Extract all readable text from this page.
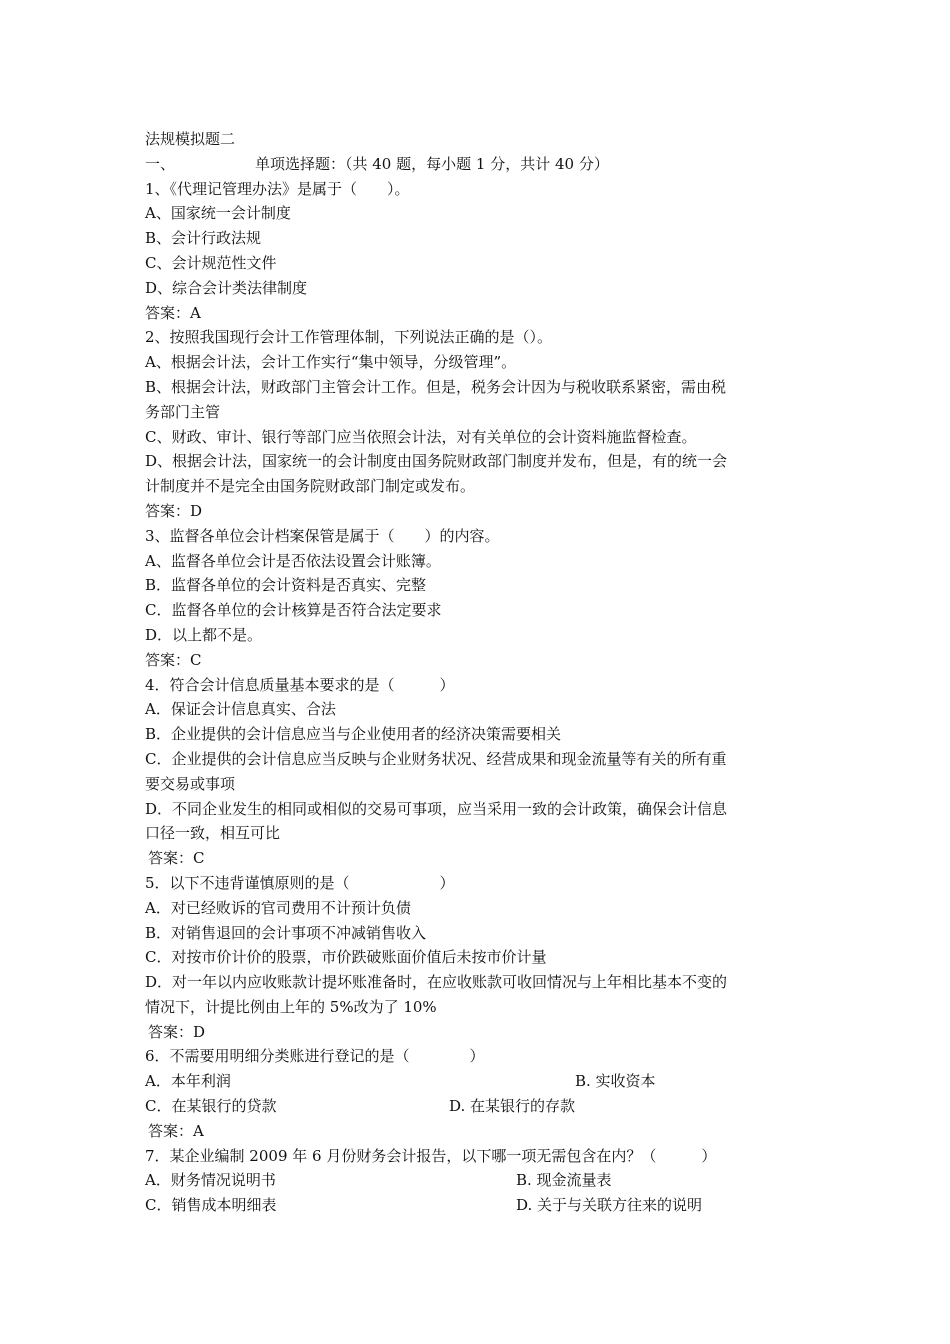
法规模拟题二
一、	单项选择题：（共 40 题，每小题 1 分，共计 40 分）
1、《代理记管理办法》是属于（　　）。
A、国家统一会计制度
B、会计行政法规
C、会计规范性文件
D、综合会计类法律制度
答案：A
2、按照我国现行会计工作管理体制，下列说法正确的是（）。
A、根据会计法，会计工作实行“集中领导，分级管理”。
B、根据会计法，财政部门主管会计工作。但是，税务会计因为与税收联系紧密，需由税
务部门主管
C、财政、审计、银行等部门应当依照会计法，对有关单位的会计资料施监督检查。
D、根据会计法，国家统一的会计制度由国务院财政部门制度并发布，但是，有的统一会
计制度并不是完全由国务院财政部门制定或发布。
答案：D
3、监督各单位会计档案保管是属于（　　）的内容。
A、监督各单位会计是否依法设置会计账簿。
B．监督各单位的会计资料是否真实、完整
C．监督各单位的会计核算是否符合法定要求
D．以上都不是。
答案：C
4．符合会计信息质量基本要求的是（　　　）
A．保证会计信息真实、合法
B．企业提供的会计信息应当与企业使用者的经济决策需要相关
C．企业提供的会计信息应当反映与企业财务状况、经营成果和现金流量等有关的所有重
要交易或事项
D．不同企业发生的相同或相似的交易可事项，应当采用一致的会计政策，确保会计信息
口径一致，相互可比
答案：C
5．以下不违背谨慎原则的是（　　　　　　）
A．对已经败诉的官司费用不计预计负债
B．对销售退回的会计事项不冲减销售收入
C．对按市价计价的股票，市价跌破账面价值后未按市价计量
D．对一年以内应收账款计提坏账准备时，在应收账款可收回情况与上年相比基本不变的
情况下，计提比例由上年的 5%改为了 10%
答案：D
6．不需要用明细分类账进行登记的是（　　　　）
A．本年利润	B. 实收资本
C．在某银行的贷款	D. 在某银行的存款
答案：A
7．某企业编制 2009 年 6 月份财务会计报告，以下哪一项无需包含在内？（　　　）
A．财务情况说明书	B. 现金流量表
C．销售成本明细表	D. 关于与关联方往来的说明
